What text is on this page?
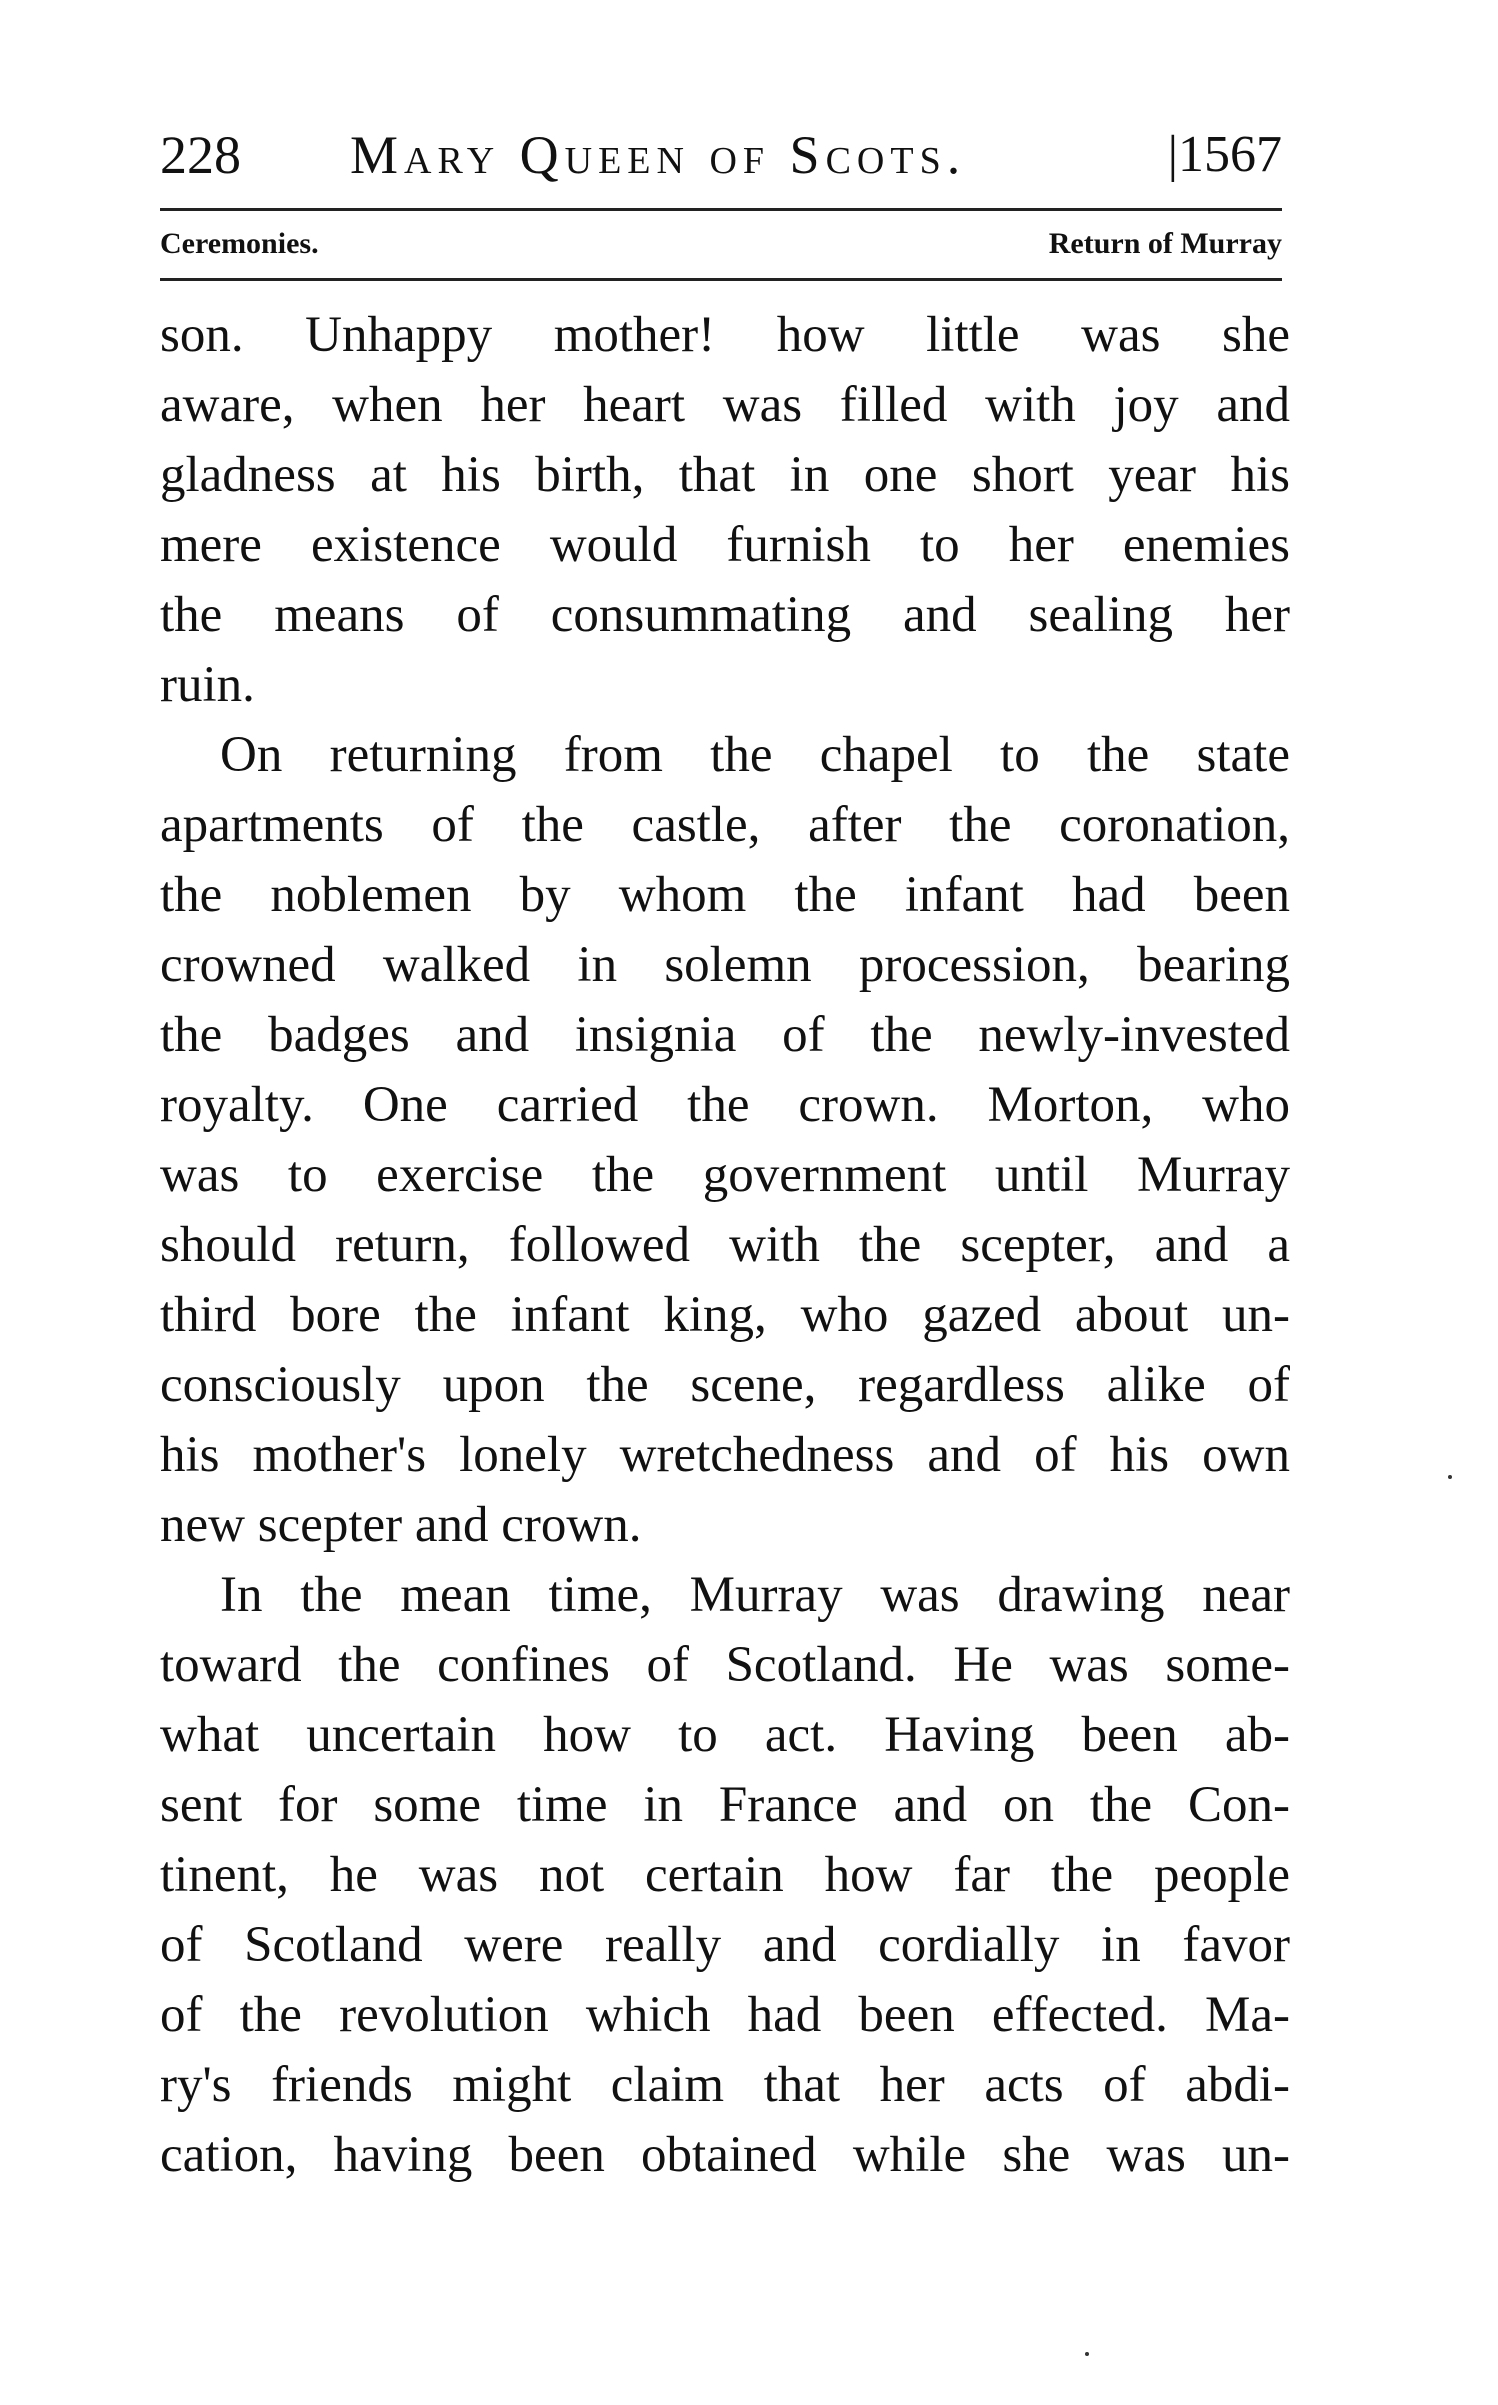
228 Mary Queen of Scots.	|1567
Ceremonies.	Return of Murray
son. Unhappy mother! how little was she
aware, when her heart was filled with joy and
gladness at his birth, that in one short year his
mere existence would furnish to her enemies
the means of consummating and sealing her
ruin.
On returning from the chapel to the state
apartments of the castle, after the coronation,
the noblemen by whom the infant had been
crowned walked in solemn procession, bearing
the badges and insignia of the newly-invested
royalty. One carried the crown. Morton, who
was to exercise the government until Murray
should return, followed with the scepter, and a
third bore the infant king, who gazed about un-
consciously upon the scene, regardless alike of
his mother's lonely wretchedness and of his own
new scepter and crown.
In the mean time, Murray was drawing near
toward the confines of Scotland. He was some-
what uncertain how to act. Having been ab-
sent for some time in France and on the Con-
tinent, he was not certain how far the people
of Scotland were really and cordially in favor
of the revolution which had been effected. Ma-
ry's friends might claim that her acts of abdi-
cation, having been obtained while she was un-
